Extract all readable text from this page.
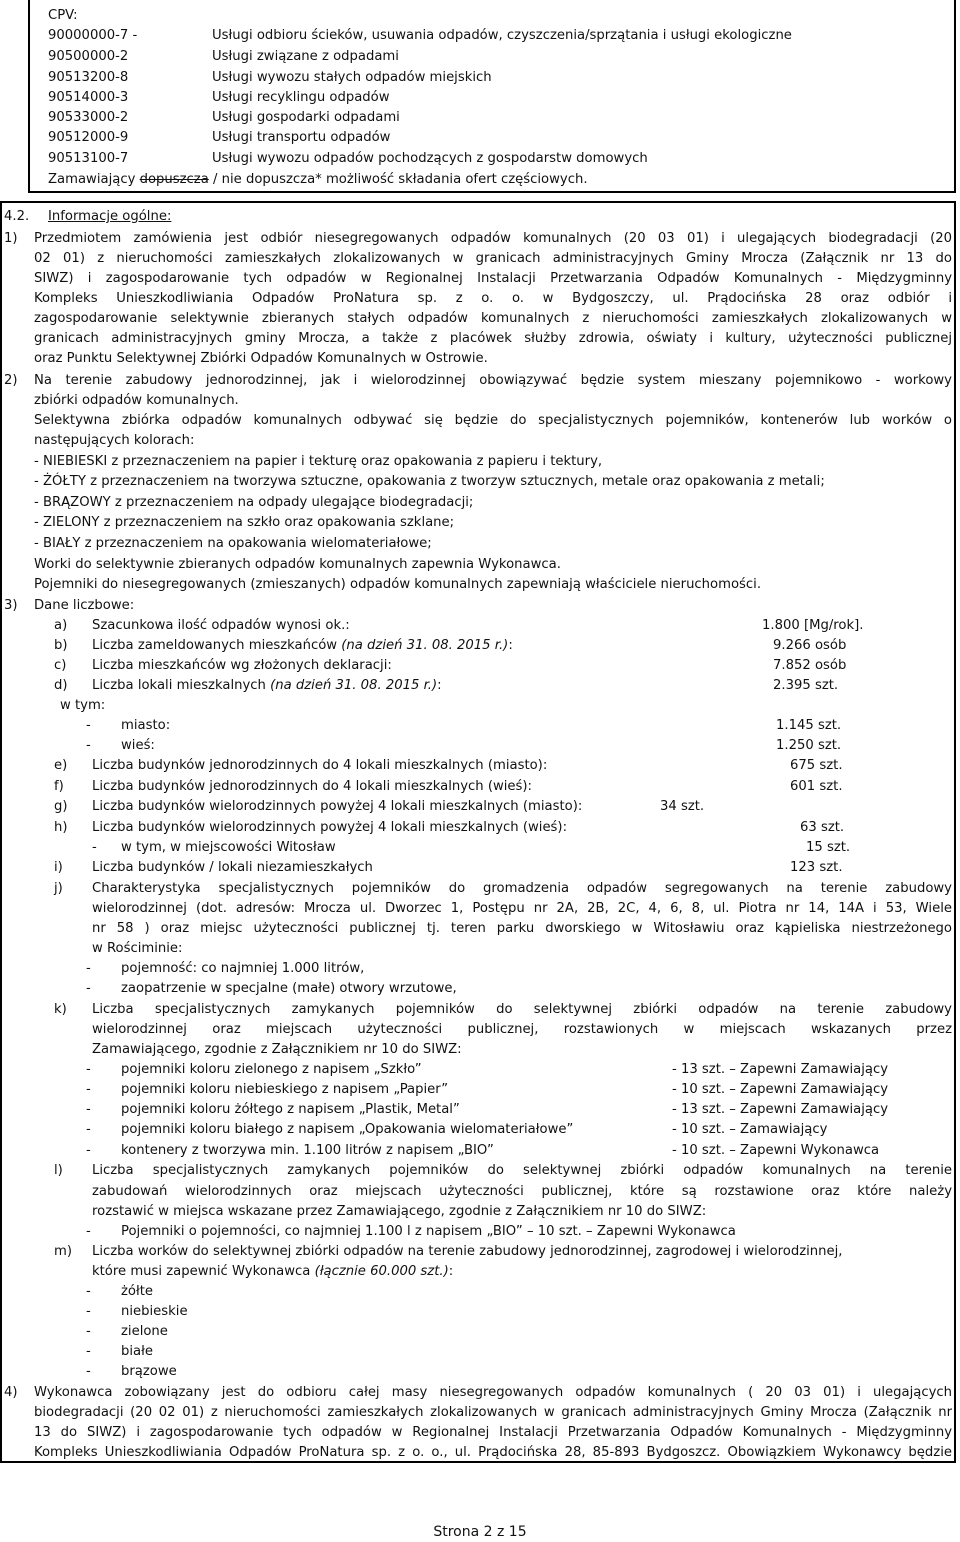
CPV:
90000000-7 -	Usługi odbioru ścieków, usuwania odpadów, czyszczenia/sprzątania i usługi ekologiczne
90500000-2	Usługi związane z odpadami
90513200-8	Usługi wywozu stałych odpadów miejskich
90514000-3	Usługi recyklingu odpadów
90533000-2	Usługi gospodarki odpadami
90512000-9	Usługi transportu odpadów
90513100-7	Usługi wywozu odpadów pochodzących z gospodarstw domowych
Zamawiający dopuszcza / nie dopuszcza* możliwość składania ofert częściowych.
4.2. Informacje ogólne:
1) Przedmiotem zamówienia jest odbiór niesegregowanych odpadów komunalnych (20 03 01) i ulegających biodegradacji (20
02 01) z nieruchomości zamieszkałych zlokalizowanych w granicach administracyjnych Gminy Mrocza (Załącznik nr 13 do
SIWZ) i zagospodarowanie tych odpadów w Regionalnej Instalacji Przetwarzania Odpadów Komunalnych - Międzygminny
Kompleks Unieszkodliwiania Odpadów ProNatura sp. z o. o. w Bydgoszczy, ul. Prądocińska 28 oraz odbiór i
zagospodarowanie selektywnie zbieranych stałych odpadów komunalnych z nieruchomości zamieszkałych zlokalizowanych w
granicach administracyjnych gminy Mrocza, a także z placówek służby zdrowia, oświaty i kultury, użyteczności publicznej
oraz Punktu Selektywnej Zbiórki Odpadów Komunalnych w Ostrowie.
2) Na terenie zabudowy jednorodzinnej, jak i wielorodzinnej obowiązywać będzie system mieszany pojemnikowo - workowy
zbiórki odpadów komunalnych.
Selektywna zbiórka odpadów komunalnych odbywać się będzie do specjalistycznych pojemników, kontenerów lub worków o
następujących kolorach:
- NIEBIESKI z przeznaczeniem na papier i tekturę oraz opakowania z papieru i tektury,
- ŻÓŁTY z przeznaczeniem na tworzywa sztuczne, opakowania z tworzyw sztucznych, metale oraz opakowania z metali;
- BRĄZOWY z przeznaczeniem na odpady ulegające biodegradacji;
- ZIELONY z przeznaczeniem na szkło oraz opakowania szklane;
- BIAŁY z przeznaczeniem na opakowania wielomateriałowe;
Worki do selektywnie zbieranych odpadów komunalnych zapewnia Wykonawca.
Pojemniki do niesegregowanych (zmieszanych) odpadów komunalnych zapewniają właściciele nieruchomości.
3) Dane liczbowe:
a) Szacunkowa ilość odpadów wynosi ok.:	1.800 [Mg/rok].
b) Liczba zameldowanych mieszkańców (na dzień 31. 08. 2015 r.):	9.266 osób
c) Liczba mieszkańców wg złożonych deklaracji:	7.852 osób
d) Liczba lokali mieszkalnych (na dzień 31. 08. 2015 r.):	2.395 szt.
w tym:
- miasto:	1.145 szt.
- wieś:	1.250 szt.
e) Liczba budynków jednorodzinnych do 4 lokali mieszkalnych (miasto):	675 szt.
f) Liczba budynków jednorodzinnych do 4 lokali mieszkalnych (wieś):	601 szt.
g) Liczba budynków wielorodzinnych powyżej 4 lokali mieszkalnych (miasto):	34 szt.
h) Liczba budynków wielorodzinnych powyżej 4 lokali mieszkalnych (wieś):	63 szt.
- w tym, w miejscowości Witosław	15 szt.
i) Liczba budynków / lokali niezamieszkałych	123 szt.
j) Charakterystyka specjalistycznych pojemników do gromadzenia odpadów segregowanych na terenie zabudowy
wielorodzinnej (dot. adresów: Mrocza ul. Dworzec 1, Postępu nr 2A, 2B, 2C, 4, 6, 8, ul. Piotra nr 14, 14A i 53, Wiele
nr 58 ) oraz miejsc użyteczności publicznej tj. teren parku dworskiego w Witosławiu oraz kąpieliska niestrzeżonego
w Rościminie:
- pojemność: co najmniej 1.000 litrów,
- zaopatrzenie w specjalne (małe) otwory wrzutowe,
k) Liczba specjalistycznych zamykanych pojemników do selektywnej zbiórki odpadów na terenie zabudowy
wielorodzinnej oraz miejscach użyteczności publicznej, rozstawionych w miejscach wskazanych przez
Zamawiającego, zgodnie z Załącznikiem nr 10 do SIWZ:
- pojemniki koloru zielonego z napisem „Szkło”	- 13 szt. – Zapewni Zamawiający
- pojemniki koloru niebieskiego z napisem „Papier”	- 10 szt. – Zapewni Zamawiający
- pojemniki koloru żółtego z napisem „Plastik, Metal”	- 13 szt. – Zapewni Zamawiający
- pojemniki koloru białego z napisem „Opakowania wielomateriałowe”	- 10 szt. – Zamawiający
- kontenery z tworzywa min. 1.100 litrów z napisem „BIO”	- 10 szt. – Zapewni Wykonawca
l) Liczba specjalistycznych zamykanych pojemników do selektywnej zbiórki odpadów komunalnych na terenie
zabudowań wielorodzinnych oraz miejscach użyteczności publicznej, które są rozstawione oraz które należy
rozstawić w miejsca wskazane przez Zamawiającego, zgodnie z Załącznikiem nr 10 do SIWZ:
- Pojemniki o pojemności, co najmniej 1.100 l z napisem „BIO” – 10 szt. – Zapewni Wykonawca
m) Liczba worków do selektywnej zbiórki odpadów na terenie zabudowy jednorodzinnej, zagrodowej i wielorodzinnej,
które musi zapewnić Wykonawca (łącznie 60.000 szt.):
- żółte
- niebieskie
- zielone
- białe
- brązowe
4) Wykonawca zobowiązany jest do odbioru całej masy niesegregowanych odpadów komunalnych ( 20 03 01) i ulegających
biodegradacji (20 02 01) z nieruchomości zamieszkałych zlokalizowanych w granicach administracyjnych Gminy Mrocza (Załącznik nr
13 do SIWZ) i zagospodarowanie tych odpadów w Regionalnej Instalacji Przetwarzania Odpadów Komunalnych - Międzygminny
Kompleks Unieszkodliwiania Odpadów ProNatura sp. z o. o., ul. Prądocińska 28, 85-893 Bydgoszcz. Obowiązkiem Wykonawcy będzie
Strona 2 z 15
